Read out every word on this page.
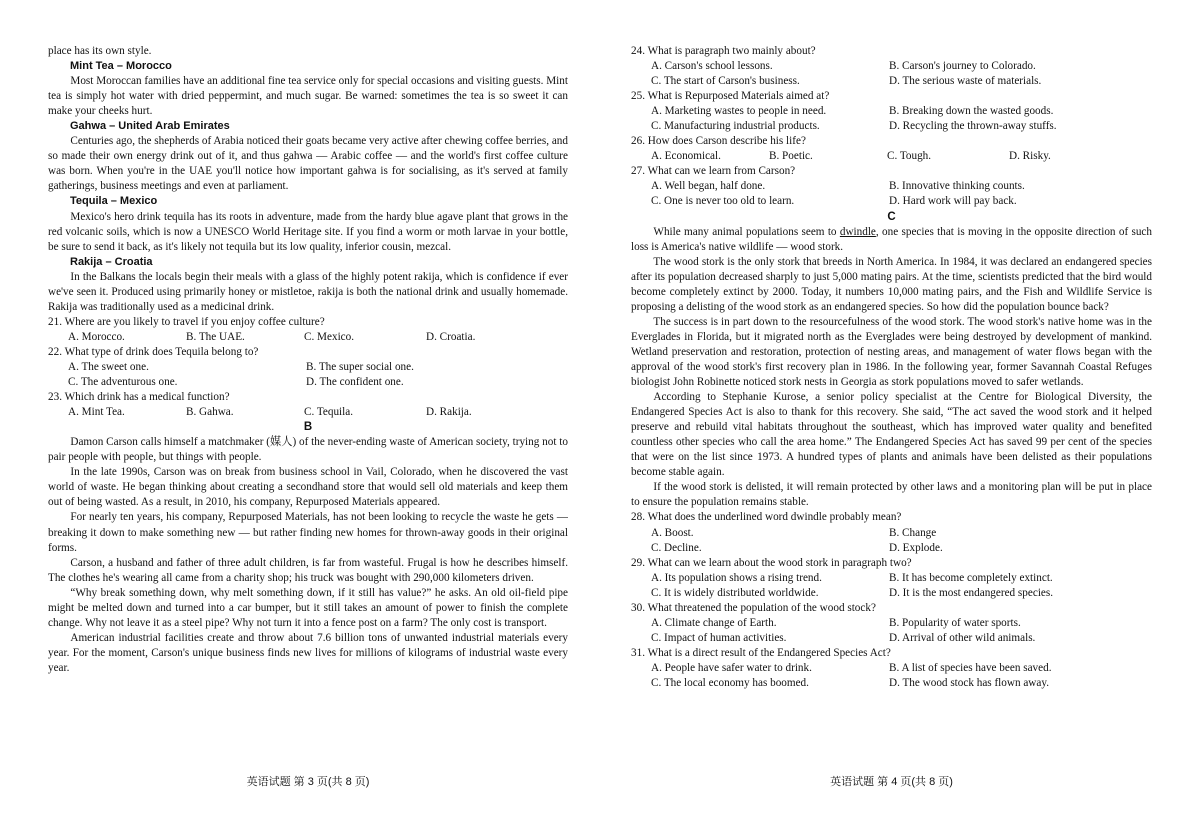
place has its own style.

Mint Tea – Morocco

Most Moroccan families have an additional fine tea service only for special occasions and visiting guests. Mint tea is simply hot water with dried peppermint, and much sugar. Be warned: sometimes the tea is so sweet it can make your cheeks hurt.

Gahwa – United Arab Emirates

Centuries ago, the shepherds of Arabia noticed their goats became very active after chewing coffee berries, and so made their own energy drink out of it, and thus gahwa — Arabic coffee — and the world's first coffee culture was born. When you're in the UAE you'll notice how important gahwa is for socialising, as it's served at family gatherings, business meetings and even at parliament.

Tequila – Mexico

Mexico's hero drink tequila has its roots in adventure, made from the hardy blue agave plant that grows in the red volcanic soils, which is now a UNESCO World Heritage site. If you find a worm or moth larvae in your bottle, be sure to send it back, as it's likely not tequila but its low quality, inferior cousin, mezcal.

Rakija – Croatia

In the Balkans the locals begin their meals with a glass of the highly potent rakija, which is confidence if ever we've seen it. Produced using primarily honey or mistletoe, rakija is both the national drink and usually homemade. Rakija was traditionally used as a medicinal drink.

21. Where are you likely to travel if you enjoy coffee culture?

A. Morocco.	B. The UAE.	C. Mexico.	D. Croatia.

22. What type of drink does Tequila belong to?

A. The sweet one.	B. The super social one.
C. The adventurous one.	D. The confident one.

23. Which drink has a medical function?

A. Mint Tea.	B. Gahwa.	C. Tequila.	D. Rakija.

B

Damon Carson calls himself a matchmaker (媒人) of the never-ending waste of American society, trying not to pair people with people, but things with people.

In the late 1990s, Carson was on break from business school in Vail, Colorado, when he discovered the vast world of waste. He began thinking about creating a secondhand store that would sell old materials and keep them out of being wasted. As a result, in 2010, his company, Repurposed Materials appeared.

For nearly ten years, his company, Repurposed Materials, has not been looking to recycle the waste he gets — breaking it down to make something new — but rather finding new homes for thrown-away goods in their original forms.

Carson, a husband and father of three adult children, is far from wasteful. Frugal is how he describes himself. The clothes he's wearing all came from a charity shop; his truck was bought with 290,000 kilometers driven.

“Why break something down, why melt something down, if it still has value?” he asks. An old oil-field pipe might be melted down and turned into a car bumper, but it still takes an amount of power to finish the complete change. Why not leave it as a steel pipe? Why not turn it into a fence post on a farm? The only cost is transport.

American industrial facilities create and throw about 7.6 billion tons of unwanted industrial materials every year. For the moment, Carson's unique business finds new lives for millions of kilograms of industrial waste every year.

英语试题 第 3 页(共 8 页)

24. What is paragraph two mainly about?

A. Carson's school lessons.	B. Carson's journey to Colorado.
C. The start of Carson's business.	D. The serious waste of materials.

25. What is Repurposed Materials aimed at?

A. Marketing wastes to people in need.	B. Breaking down the wasted goods.
C. Manufacturing industrial products.	D. Recycling the thrown-away stuffs.

26. How does Carson describe his life?

A. Economical.	B. Poetic.	C. Tough.	D. Risky.

27. What can we learn from Carson?

A. Well began, half done.	B. Innovative thinking counts.
C. One is never too old to learn.	D. Hard work will pay back.

C

While many animal populations seem to dwindle, one species that is moving in the opposite direction of such loss is America's native wildlife — wood stork.

The wood stork is the only stork that breeds in North America. In 1984, it was declared an endangered species after its population decreased sharply to just 5,000 mating pairs. At the time, scientists predicted that the bird would become completely extinct by 2000. Today, it numbers 10,000 mating pairs, and the Fish and Wildlife Service is proposing a delisting of the wood stork as an endangered species. So how did the population bounce back?

The success is in part down to the resourcefulness of the wood stork. The wood stork's native home was in the Everglades in Florida, but it migrated north as the Everglades were being destroyed by development of mankind. Wetland preservation and restoration, protection of nesting areas, and management of water flows began with the approval of the wood stork's first recovery plan in 1986. In the following year, former Savannah Coastal Refuges biologist John Robinette noticed stork nests in Georgia as stork populations moved to safer wetlands.

According to Stephanie Kurose, a senior policy specialist at the Centre for Biological Diversity, the Endangered Species Act is also to thank for this recovery. She said, “The act saved the wood stork and it helped preserve and rebuild vital habitats throughout the southeast, which has improved water quality and benefited countless other species who call the area home.” The Endangered Species Act has saved 99 per cent of the species that were on the list since 1973. A hundred types of plants and animals have been delisted as their populations become stable again.

If the wood stork is delisted, it will remain protected by other laws and a monitoring plan will be put in place to ensure the population remains stable.

28. What does the underlined word dwindle probably mean?

A. Boost.	B. Change
C. Decline.	D. Explode.

29. What can we learn about the wood stork in paragraph two?

A. Its population shows a rising trend.	B. It has become completely extinct.
C. It is widely distributed worldwide.	D. It is the most endangered species.

30. What threatened the population of the wood stock?

A. Climate change of Earth.	B. Popularity of water sports.
C. Impact of human activities.	D. Arrival of other wild animals.

31. What is a direct result of the Endangered Species Act?

A. People have safer water to drink.	B. A list of species have been saved.
C. The local economy has boomed.	D. The wood stock has flown away.
英语试题 第 4 页(共 8 页)
